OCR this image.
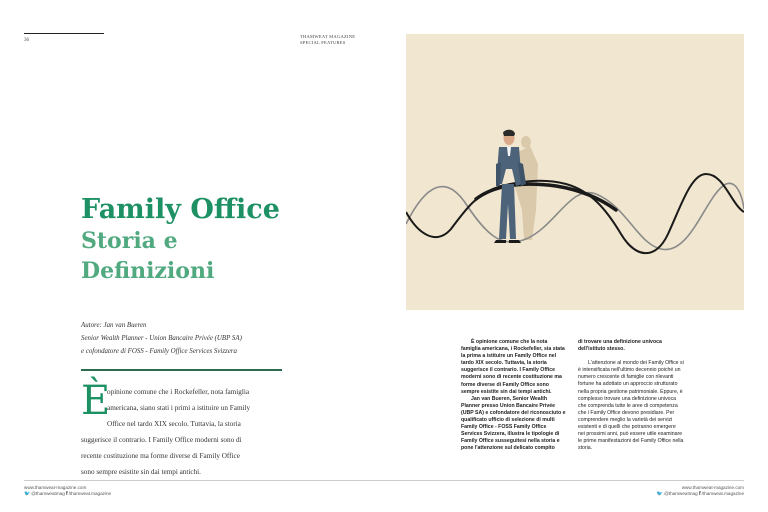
36
THAMWEAT MAGAZINE
SPECIAL FEATURES
Family Office
Storia e
Definizioni
Autore: Jan van Bueren
Senior Wealth Planner - Union Bancaire Privée (UBP SA)
e cofondatore di FOSS - Family Office Services Svizzera
È
opinione comune che i Rockefeller, nota famiglia
americana, siano stati i primi a istituire un Family
Office nel tardo XIX secolo. Tuttavia, la storia
suggerisce il contrario. I Family Office moderni sono di
recente costituzione ma forme diverse di Family Office
sono sempre esistite sin dai tempi antichi.

È opinione comune che la nota famiglia americana, i Rockefeller, sia stata la prima a istituire un Family Office nel tardo XIX secolo. Tuttavia, la storia suggerisce il contrario. I Family Office moderni sono di recente costituzione ma forme diverse di Family Office sono sempre esistite sin dai tempi antichi.

Jan van Bueren, Senior Wealth Planner presso Union Bancaire Privée (UBP SA) e cofondatore del riconosciuto e qualificato ufficio di selezione di multi Family Office - FOSS Family Office Services Svizzera, illustra le tipologie di Family Office susseguitesi nella storia e pone l'attenzione sul delicato compito

di trovare una definizione univoca dell'istituto stesso.

L'attenzione al mondo dei Family Office si è intensificata nell'ultimo decennio poiché un numero crescente di famiglie con rilevanti fortune ha adottato un approccio strutturato nella propria gestione patrimoniale. Eppure, è complesso trovare una definizione univoca che comprenda tutte le aree di competenza che i Family Office devono presidiare. Per comprendere meglio la varietà dei servizi esistenti e di quelli che potranno emergere nei prossimi anni, può essere utile esaminare le prime manifestazioni del Family Office nella storia.

www.thamweat-magazine.com
🐦@thamweatmag f/thamweat.magazine
www.thamweat-magazine.com
🐦@thamweatmag f/thamweat.magazine
